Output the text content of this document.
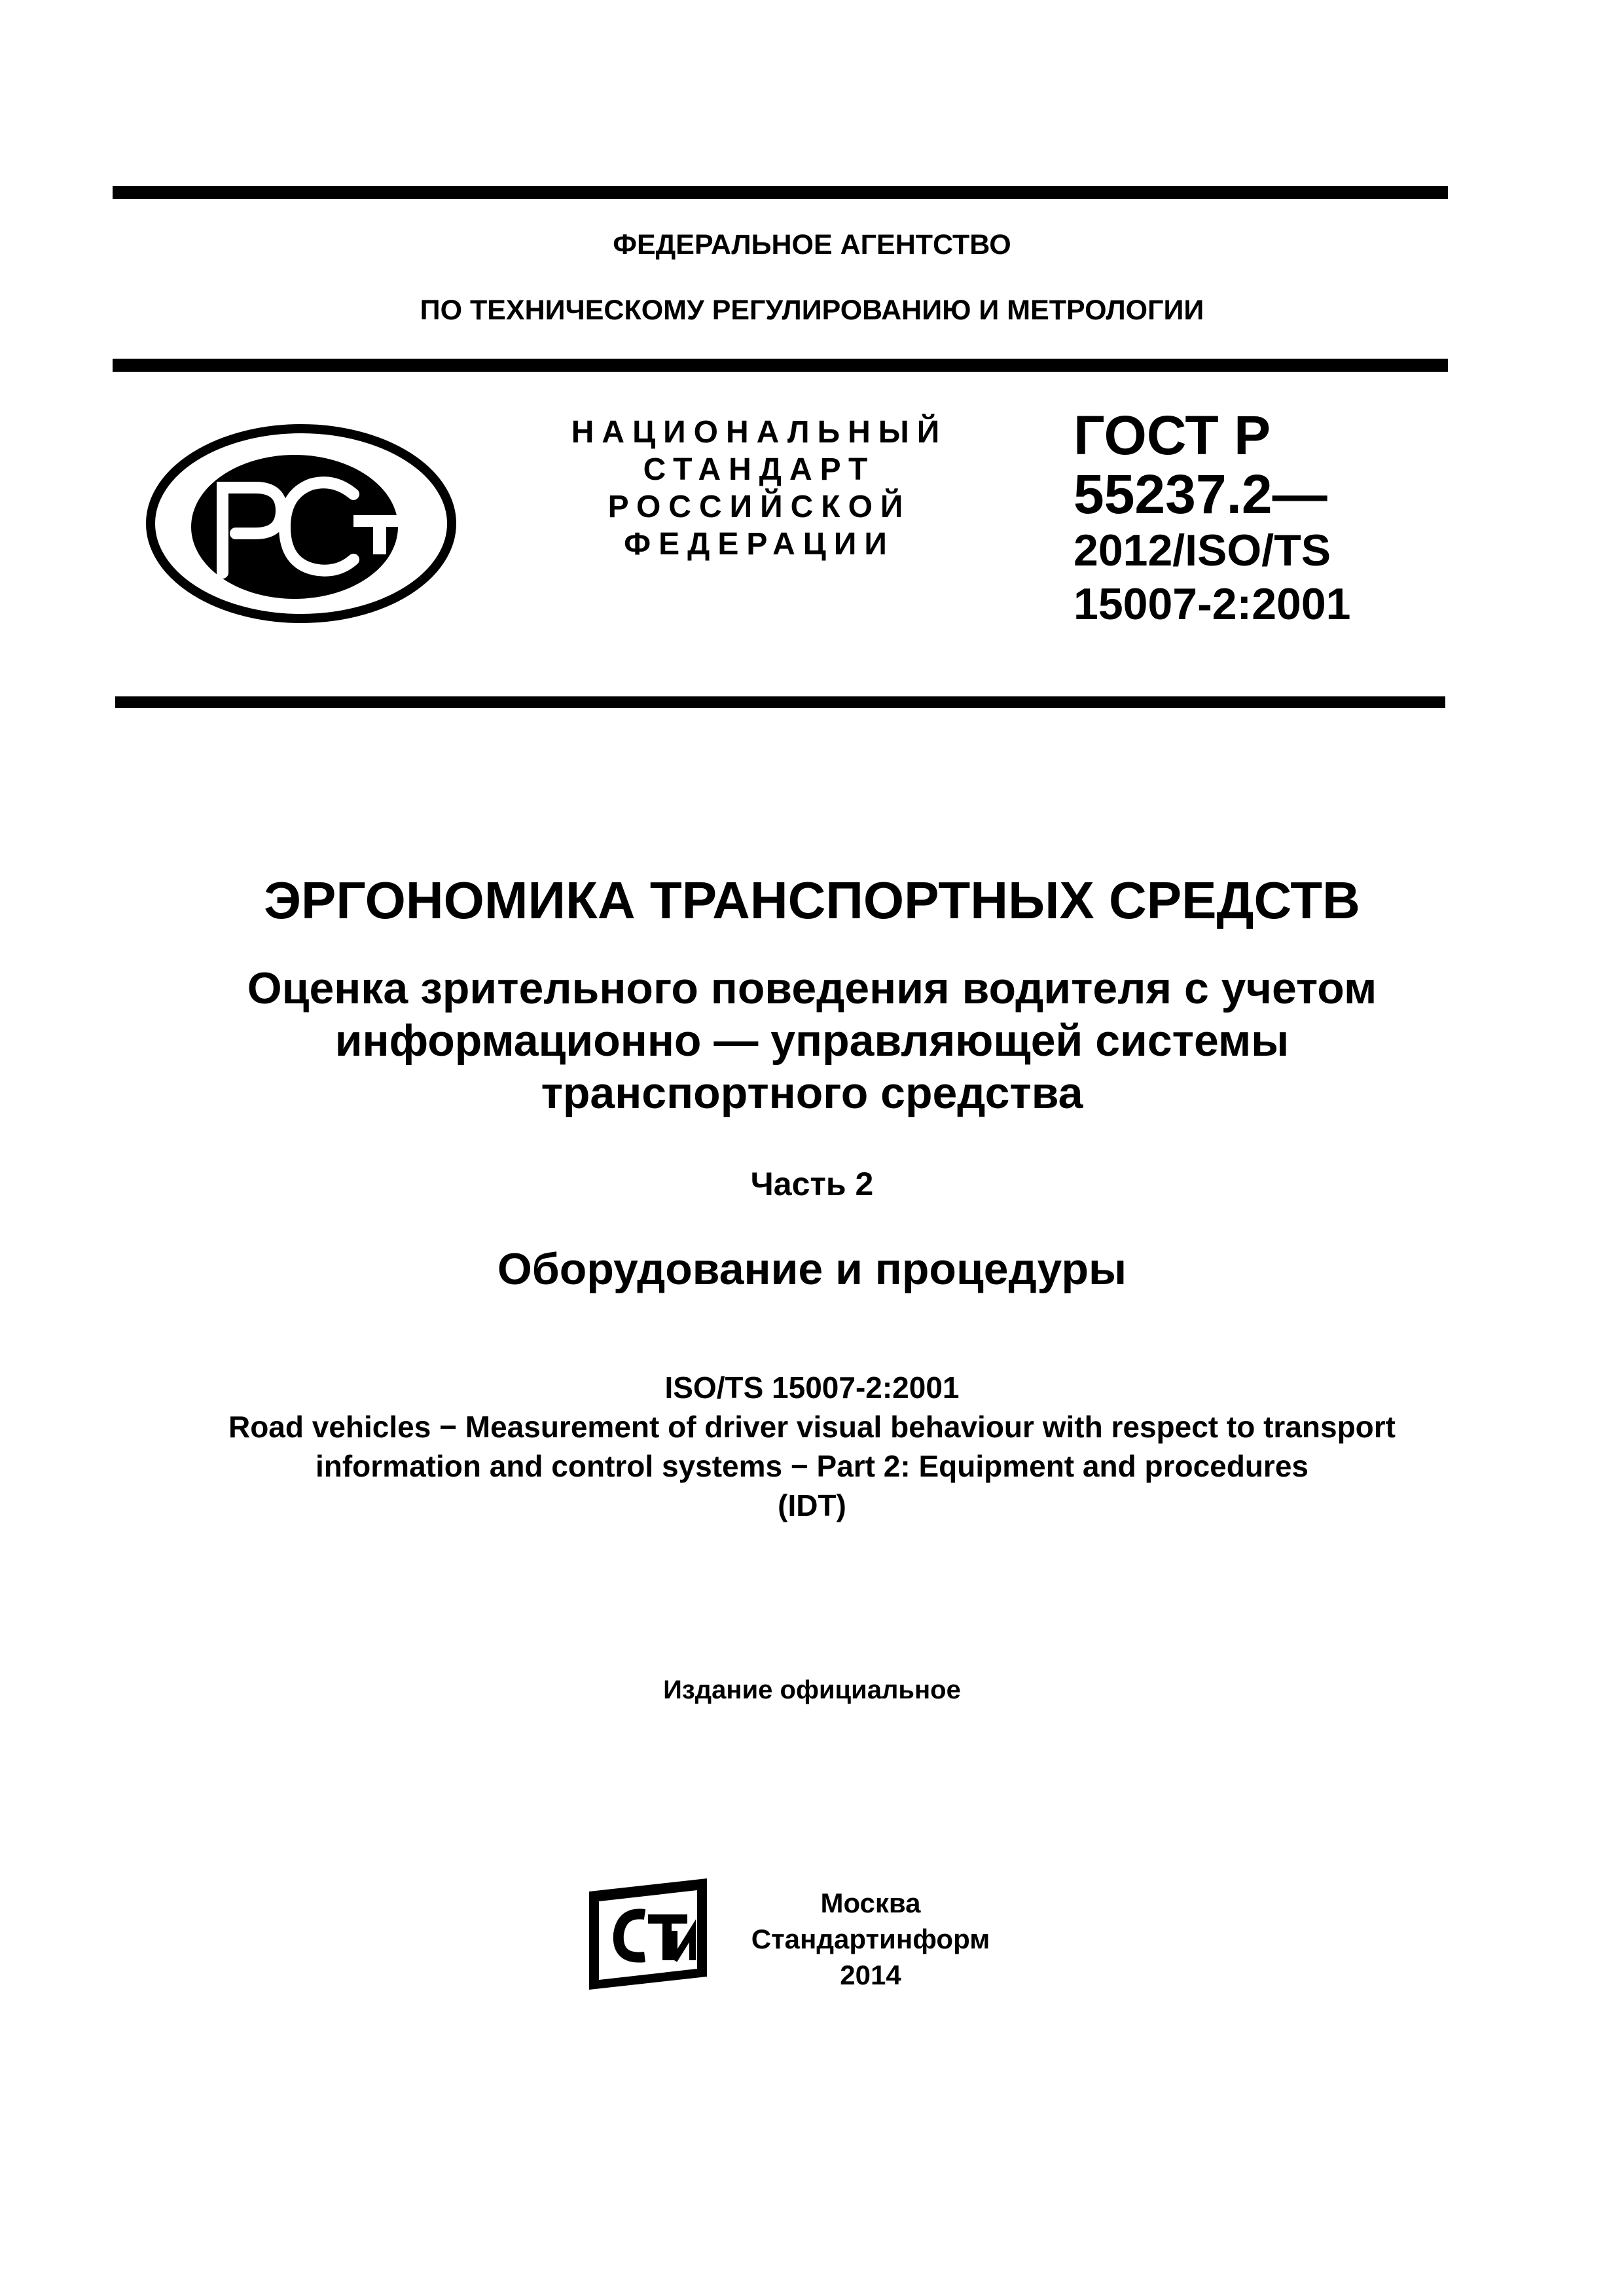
ФЕДЕРАЛЬНОЕ АГЕНТСТВО
ПО ТЕХНИЧЕСКОМУ РЕГУЛИРОВАНИЮ И МЕТРОЛОГИИ
НАЦИОНАЛЬНЫЙ
СТАНДАРТ
РОССИЙСКОЙ
ФЕДЕРАЦИИ
ГОСТ Р
55237.2—
2012/ISO/TS
15007-2:2001
ЭРГОНОМИКА ТРАНСПОРТНЫХ СРЕДСТВ
Оценка зрительного поведения водителя с учетом
информационно — управляющей системы
транспортного средства
Часть 2
Оборудование и процедуры
ISO/TS 15007-2:2001
Road vehicles − Measurement of driver visual behaviour with respect to transport
information and control systems − Part 2: Equipment and procedures
(IDT)
Издание официальное
Москва
Стандартинформ
2014
